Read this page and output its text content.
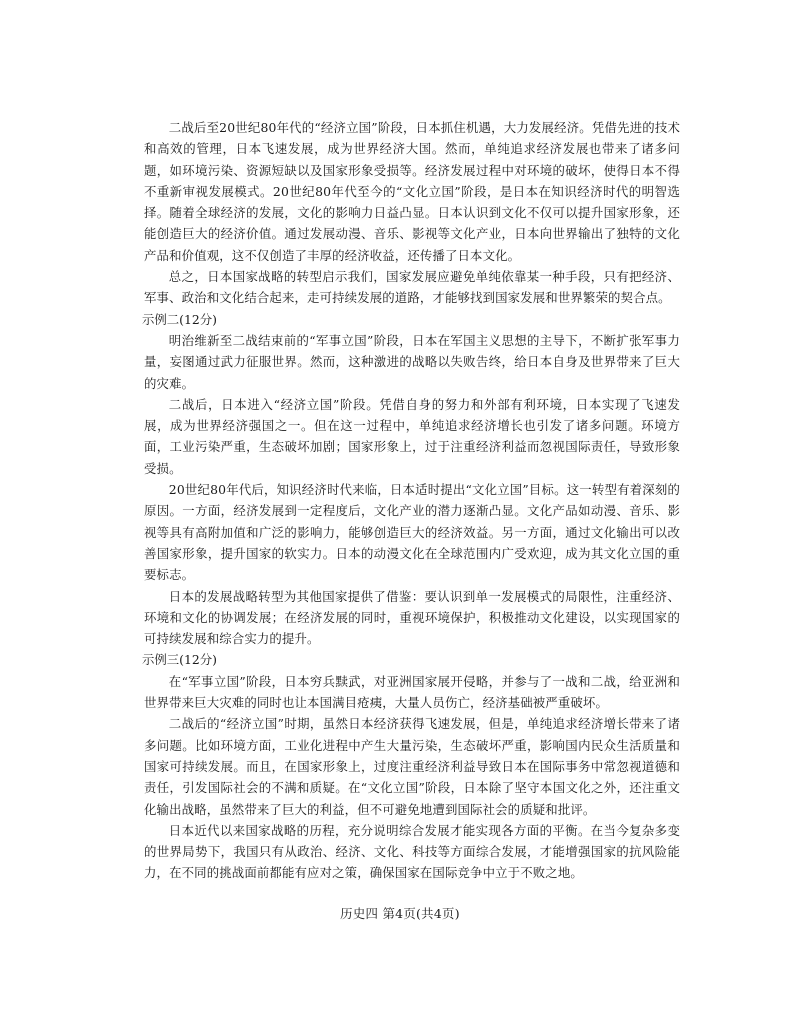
二战后至20世纪80年代的“经济立国”阶段，日本抓住机遇，大力发展经济。凭借先进的技术和高效的管理，日本飞速发展，成为世界经济大国。然而，单纯追求经济发展也带来了诸多问题，如环境污染、资源短缺以及国家形象受损等。经济发展过程中对环境的破坏，使得日本不得不重新审视发展模式。20世纪80年代至今的“文化立国”阶段，是日本在知识经济时代的明智选择。随着全球经济的发展，文化的影响力日益凸显。日本认识到文化不仅可以提升国家形象，还能创造巨大的经济价值。通过发展动漫、音乐、影视等文化产业，日本向世界输出了独特的文化产品和价值观，这不仅创造了丰厚的经济收益，还传播了日本文化。

总之，日本国家战略的转型启示我们，国家发展应避免单纯依靠某一种手段，只有把经济、军事、政治和文化结合起来，走可持续发展的道路，才能够找到国家发展和世界繁荣的契合点。

示例二(12分)

明治维新至二战结束前的“军事立国”阶段，日本在军国主义思想的主导下，不断扩张军事力量，妄图通过武力征服世界。然而，这种激进的战略以失败告终，给日本自身及世界带来了巨大的灾难。

二战后，日本进入“经济立国”阶段。凭借自身的努力和外部有利环境，日本实现了飞速发展，成为世界经济强国之一。但在这一过程中，单纯追求经济增长也引发了诸多问题。环境方面，工业污染严重，生态破坏加剧；国家形象上，过于注重经济利益而忽视国际责任，导致形象受损。

20世纪80年代后，知识经济时代来临，日本适时提出“文化立国”目标。这一转型有着深刻的原因。一方面，经济发展到一定程度后，文化产业的潜力逐渐凸显。文化产品如动漫、音乐、影视等具有高附加值和广泛的影响力，能够创造巨大的经济效益。另一方面，通过文化输出可以改善国家形象，提升国家的软实力。日本的动漫文化在全球范围内广受欢迎，成为其文化立国的重要标志。

日本的发展战略转型为其他国家提供了借鉴：要认识到单一发展模式的局限性，注重经济、环境和文化的协调发展；在经济发展的同时，重视环境保护，积极推动文化建设，以实现国家的可持续发展和综合实力的提升。

示例三(12分)

在“军事立国”阶段，日本穷兵黩武，对亚洲国家展开侵略，并参与了一战和二战，给亚洲和世界带来巨大灾难的同时也让本国满目疮痍，大量人员伤亡，经济基础被严重破坏。

二战后的“经济立国”时期，虽然日本经济获得飞速发展，但是，单纯追求经济增长带来了诸多问题。比如环境方面，工业化进程中产生大量污染，生态破坏严重，影响国内民众生活质量和国家可持续发展。而且，在国家形象上，过度注重经济利益导致日本在国际事务中常忽视道德和责任，引发国际社会的不满和质疑。在“文化立国”阶段，日本除了坚守本国文化之外，还注重文化输出战略，虽然带来了巨大的利益，但不可避免地遭到国际社会的质疑和批评。

日本近代以来国家战略的历程，充分说明综合发展才能实现各方面的平衡。在当今复杂多变的世界局势下，我国只有从政治、经济、文化、科技等方面综合发展，才能增强国家的抗风险能力，在不同的挑战面前都能有应对之策，确保国家在国际竞争中立于不败之地。

历史四 第4页(共4页)
